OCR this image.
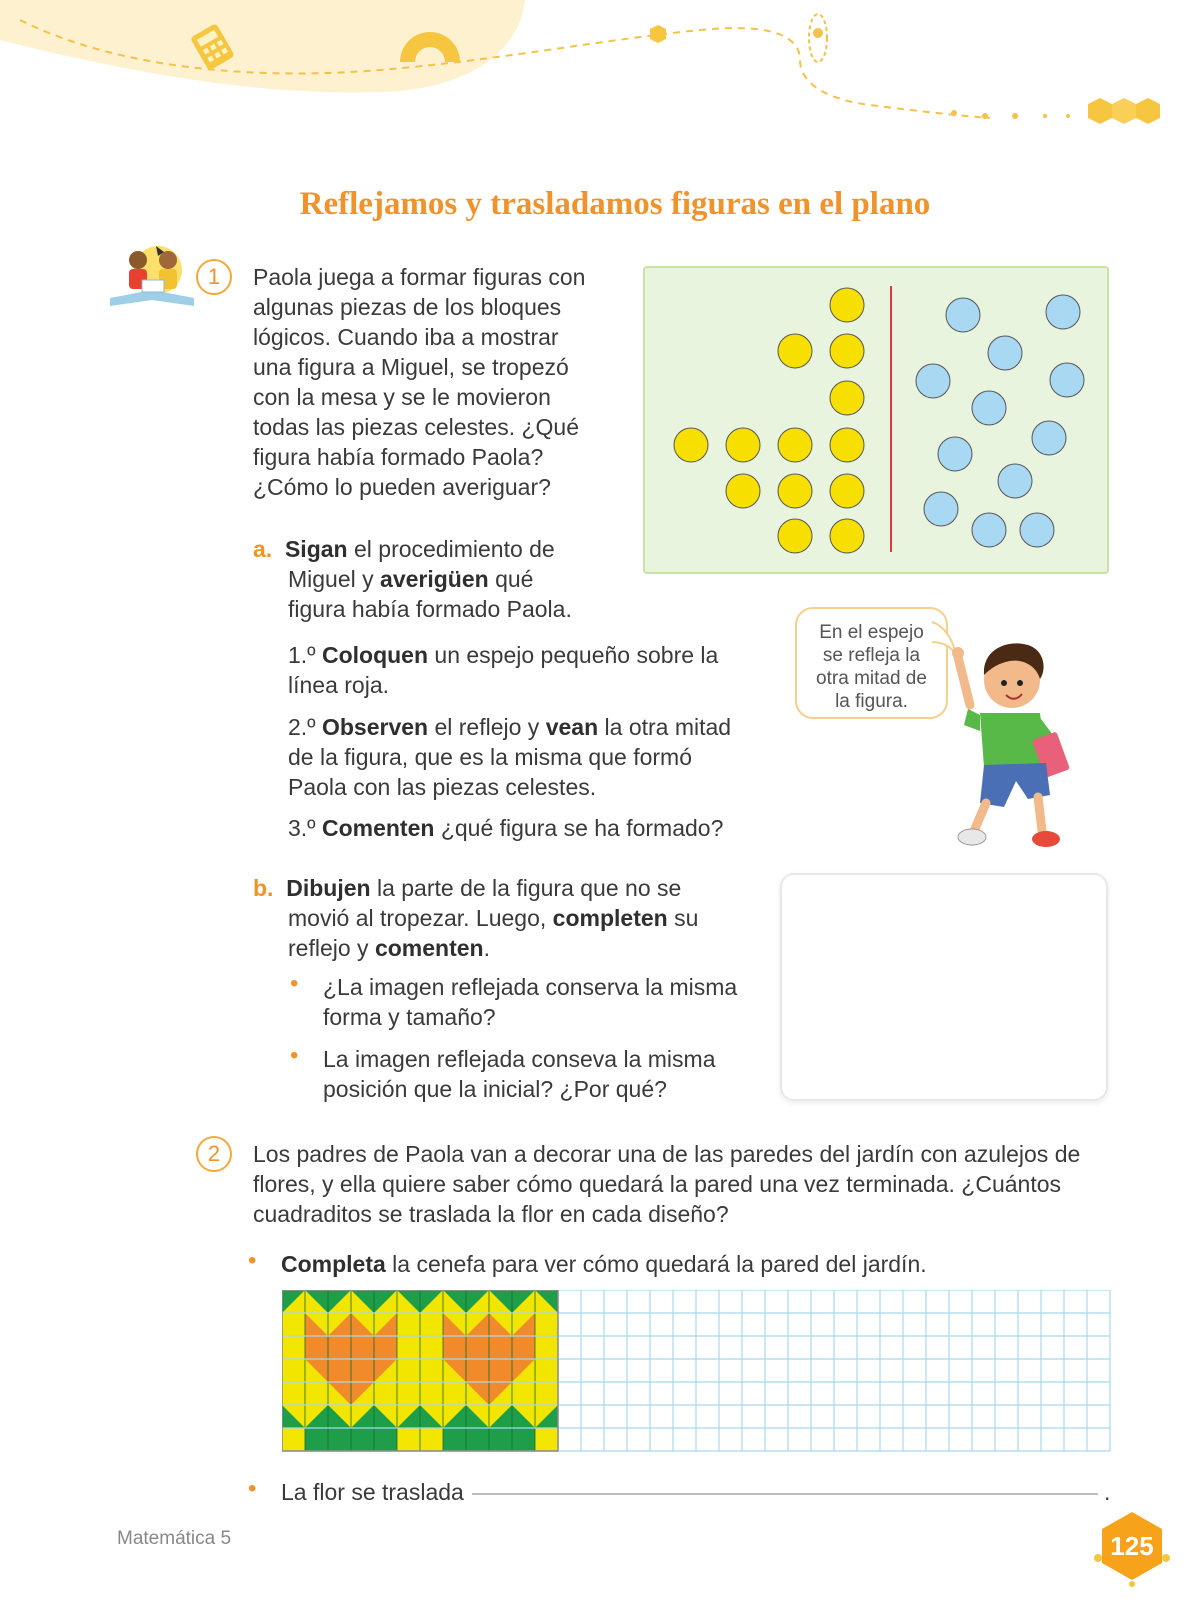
Reflejamos y trasladamos figuras en el plano
1	Paola juega a formar figuras con
algunas piezas de los bloques
lógicos. Cuando iba a mostrar
una figura a Miguel, se tropezó
con la mesa y se le movieron
todas las piezas celestes. ¿Qué
figura había formado Paola?
¿Cómo lo pueden averiguar?
a. Sigan el procedimiento de
Miguel y averigüen qué
figura había formado Paola.
1.º Coloquen un espejo pequeño sobre la
línea roja.
2.º Observen el reflejo y vean la otra mitad
de la figura, que es la misma que formó
Paola con las piezas celestes.
3.º Comenten ¿qué figura se ha formado?
En el espejo
se refleja la
otra mitad de
la figura.
b. Dibujen la parte de la figura que no se
movió al tropezar. Luego, completen su
reflejo y comenten.
• ¿La imagen reflejada conserva la misma
forma y tamaño?
• La imagen reflejada conseva la misma
posición que la inicial? ¿Por qué?
2	Los padres de Paola van a decorar una de las paredes del jardín con azulejos de
flores, y ella quiere saber cómo quedará la pared una vez terminada. ¿Cuántos
cuadraditos se traslada la flor en cada diseño?
• Completa la cenefa para ver cómo quedará la pared del jardín.
• La flor se traslada	.
Matemática 5	125
